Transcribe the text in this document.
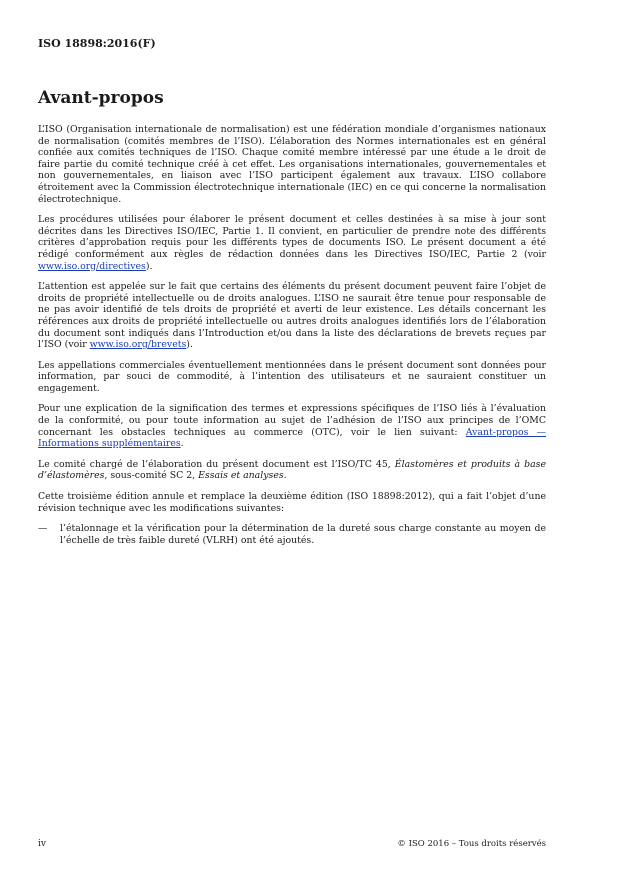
ISO 18898:2016(F)
Avant-propos

L’ISO (Organisation internationale de normalisation) est une fédération mondiale d’organismes nationaux de normalisation (comités membres de l’ISO). L’élaboration des Normes internationales est en général confiée aux comités techniques de l’ISO. Chaque comité membre intéressé par une étude a le droit de faire partie du comité technique créé à cet effet. Les organisations internationales, gouvernementales et non gouvernementales, en liaison avec l’ISO participent également aux travaux. L’ISO collabore étroitement avec la Commission électrotechnique internationale (IEC) en ce qui concerne la normalisation électrotechnique.

Les procédures utilisées pour élaborer le présent document et celles destinées à sa mise à jour sont décrites dans les Directives ISO/IEC, Partie 1. Il convient, en particulier de prendre note des différents critères d’approbation requis pour les différents types de documents ISO. Le présent document a été rédigé conformément aux règles de rédaction données dans les Directives ISO/IEC, Partie 2 (voir www.iso.org/directives).

L’attention est appelée sur le fait que certains des éléments du présent document peuvent faire l’objet de droits de propriété intellectuelle ou de droits analogues. L’ISO ne saurait être tenue pour responsable de ne pas avoir identifié de tels droits de propriété et averti de leur existence. Les détails concernant les références aux droits de propriété intellectuelle ou autres droits analogues identifiés lors de l’élaboration du document sont indiqués dans l’Introduction et/ou dans la liste des déclarations de brevets reçues par l’ISO (voir www.iso.org/brevets).

Les appellations commerciales éventuellement mentionnées dans le présent document sont données pour information, par souci de commodité, à l’intention des utilisateurs et ne sauraient constituer un engagement.

Pour une explication de la signification des termes et expressions spécifiques de l’ISO liés à l’évaluation de la conformité, ou pour toute information au sujet de l’adhésion de l’ISO aux principes de l’OMC concernant les obstacles techniques au commerce (OTC), voir le lien suivant: Avant-propos — Informations supplémentaires.

Le comité chargé de l’élaboration du présent document est l’ISO/TC 45, Élastomères et produits à base d’élastomères, sous-comité SC 2, Essais et analyses.

Cette troisième édition annule et remplace la deuxième édition (ISO 18898:2012), qui a fait l’objet d’une révision technique avec les modifications suivantes:

—	l’étalonnage et la vérification pour la détermination de la dureté sous charge constante au moyen de l’échelle de très faible dureté (VLRH) ont été ajoutés.
iv	© ISO 2016 – Tous droits réservés
